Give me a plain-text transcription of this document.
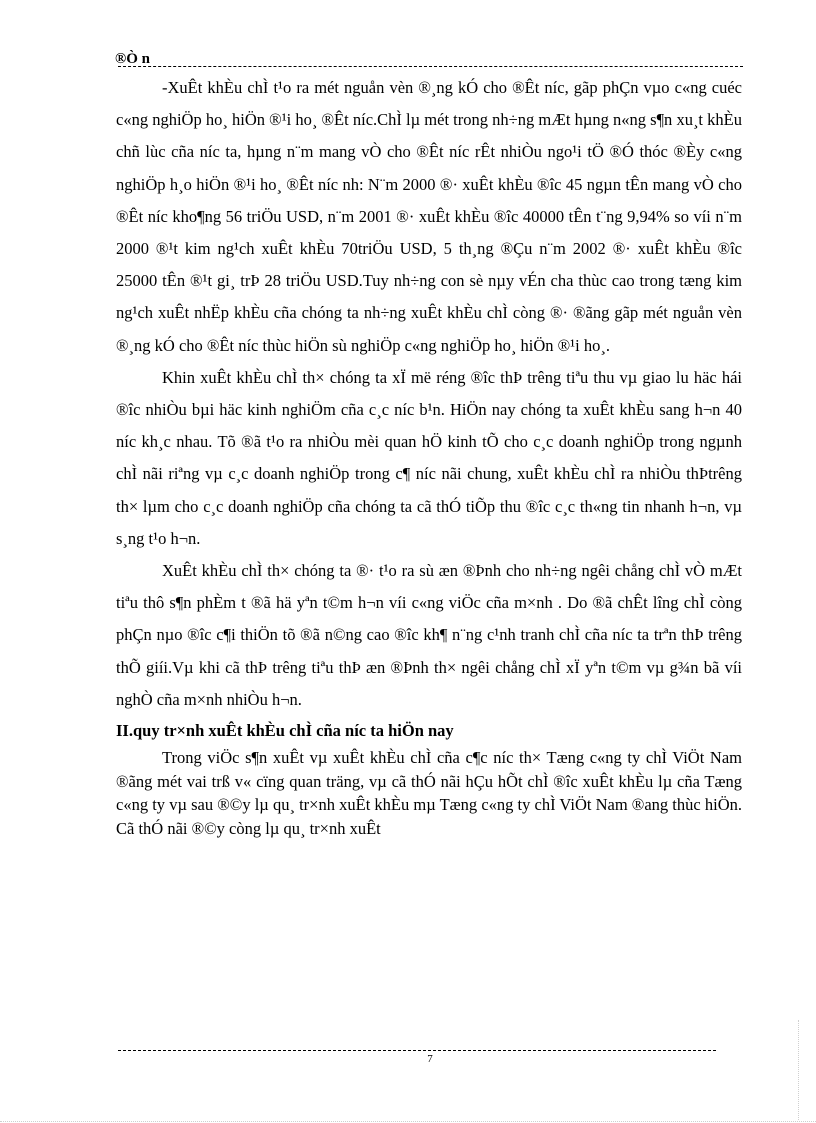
®Ò n

-XuÊt khÈu chÌ t¹o ra mét nguån vèn ®¸ng kÓ cho ®Êt níc, gãp phÇn vµo c«ng cuéc c«ng nghiÖp ho¸ hiÖn ®¹i ho¸ ®Êt níc.ChÌ lµ mét trong nh÷ng mÆt hµng n«ng s¶n xu¸t khÈu chñ lùc cña níc ta, hµng n¨m mang vÒ cho ®Êt níc rÊt nhiÒu ngo¹i tÖ ®Ó thóc ®Èy c«ng nghiÖp h¸o hiÖn ®¹i ho¸ ®Êt níc nh: N¨m 2000 ®· xuÊt khÈu ®îc 45 ngµn tÊn mang vÒ cho ®Êt níc kho¶ng 56 triÖu USD, n¨m 2001 ®· xuÊt khÈu ®îc 40000 tÊn t¨ng 9,94% so víi n¨m 2000 ®¹t kim ng¹ch xuÊt khÈu 70triÖu USD, 5 th¸ng ®Çu n¨m 2002 ®· xuÊt khÈu ®îc 25000 tÊn ®¹t gi¸ trÞ 28 triÖu USD.Tuy nh÷ng con sè nµy vÉn cha thùc cao trong tæng kim ng¹ch xuÊt nhËp khÈu cña chóng ta nh÷ng xuÊt khÈu chÌ còng ®· ®ãng gãp mét nguån vèn ®¸ng kÓ cho ®Êt níc thùc hiÖn sù nghiÖp c«ng nghiÖp ho¸ hiÖn ®¹i ho¸.

Khin xuÊt khÈu chÌ th× chóng ta xÏ më réng ®îc thÞ trêng tiªu thu vµ giao lu häc hái ®îc nhiÒu bµi häc kinh nghiÖm cña c¸c níc b¹n. HiÖn nay chóng ta xuÊt khÈu sang h¬n 40 níc kh¸c nhau. Tõ ®ã t¹o ra nhiÒu mèi quan hÖ kinh tÕ cho c¸c doanh nghiÖp trong ngµnh chÌ nãi riªng vµ c¸c doanh nghiÖp trong c¶ níc nãi chung, xuÊt khÈu chÌ ra nhiÒu thÞtrêng th× lµm cho c¸c doanh nghiÖp cña chóng ta cã thÓ tiÕp thu ®îc c¸c th«ng tin nhanh h¬n, vµ s¸ng t¹o h¬n.

XuÊt khÈu chÌ th× chóng ta ®· t¹o ra sù æn ®Þnh cho nh÷ng ngêi chång chÌ vÒ mÆt tiªu thô s¶n phÈm t ®ã hä yªn t©m h¬n víi c«ng viÖc cña m×nh . Do ®ã chÊt lîng chÌ còng phÇn nµo ®îc c¶i thiÖn tõ ®ã n©ng cao ®îc kh¶ n¨ng c¹nh tranh chÌ cña níc ta trªn thÞ trêng thÕ giíi.Vµ khi cã thÞ trêng tiªu thÞ æn ®Þnh th× ngêi chång chÌ xÏ yªn t©m vµ g¾n bã víi nghÒ cña m×nh nhiÒu h¬n.

II.quy tr×nh xuÊt khÈu chÌ cña níc ta hiÖn nay

Trong viÖc s¶n xuÊt vµ xuÊt khÈu chÌ cña c¶c níc th× Tæng c«ng ty chÌ ViÖt Nam ®ãng mét vai trß v« cïng quan träng, vµ cã thÓ nãi hÇu hÕt chÌ ®îc xuÊt khÈu lµ cña Tæng c«ng ty vµ sau ®©y lµ qu¸ tr×nh xuÊt khÈu mµ Tæng c«ng ty chÌ ViÖt Nam ®ang thùc hiÖn. Cã thÓ nãi ®©y còng lµ qu¸ tr×nh xuÊt

7
